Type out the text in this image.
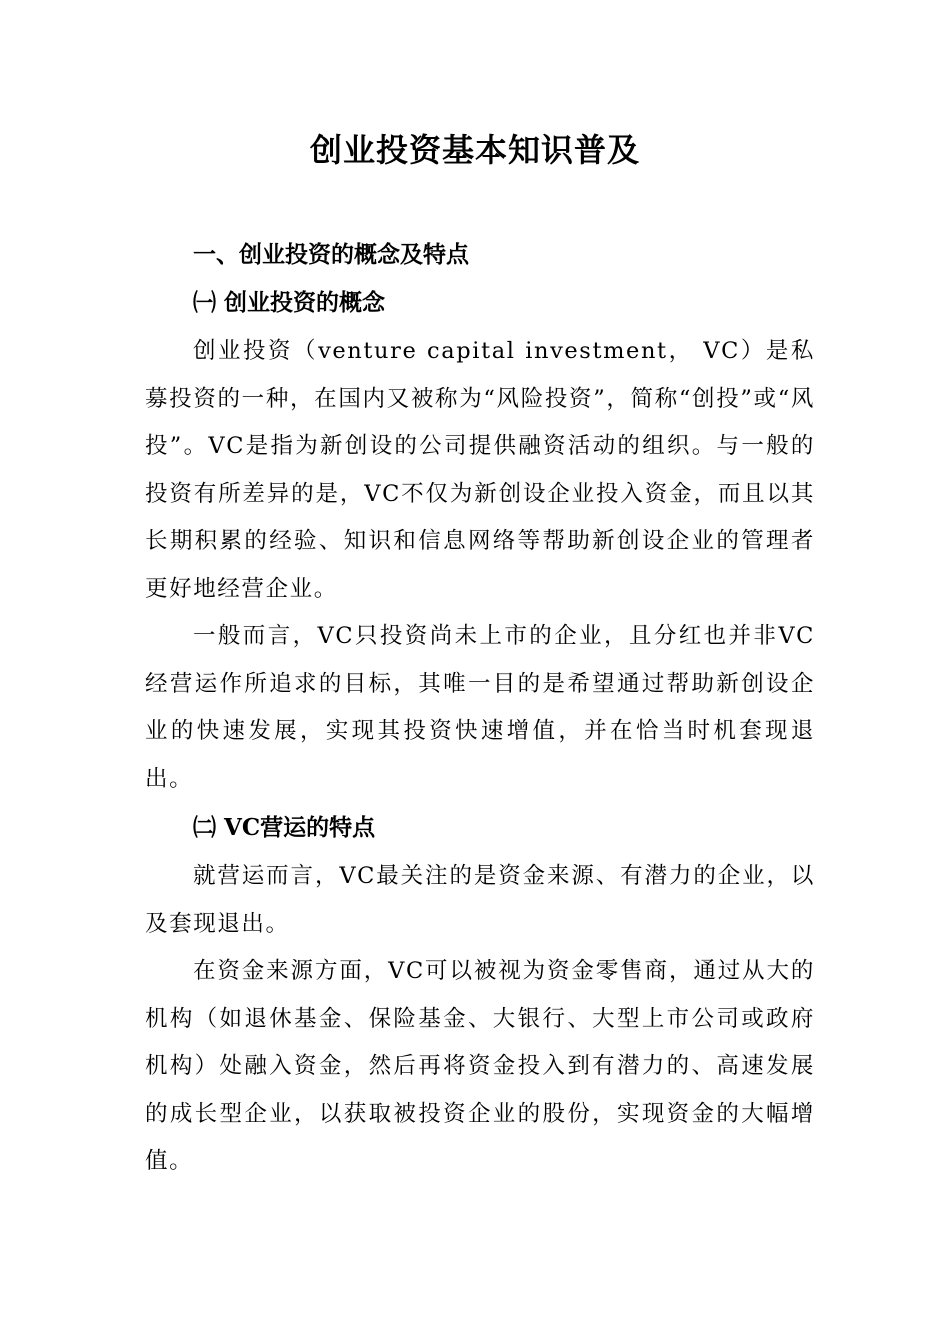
创业投资基本知识普及
一、创业投资的概念及特点
㈠ 创业投资的概念

创业投资（venture capital investment， VC）是私募投资的一种，在国内又被称为“风险投资”，简称“创投”或“风投”。VC是指为新创设的公司提供融资活动的组织。与一般的投资有所差异的是，VC不仅为新创设企业投入资金，而且以其长期积累的经验、知识和信息网络等帮助新创设企业的管理者更好地经营企业。

一般而言，VC只投资尚未上市的企业，且分红也并非VC经营运作所追求的目标，其唯一目的是希望通过帮助新创设企业的快速发展，实现其投资快速增值，并在恰当时机套现退出。

㈡ VC营运的特点

就营运而言，VC最关注的是资金来源、有潜力的企业，以及套现退出。

在资金来源方面，VC可以被视为资金零售商，通过从大的机构（如退休基金、保险基金、大银行、大型上市公司或政府机构）处融入资金，然后再将资金投入到有潜力的、高速发展的成长型企业，以获取被投资企业的股份，实现资金的大幅增值。
